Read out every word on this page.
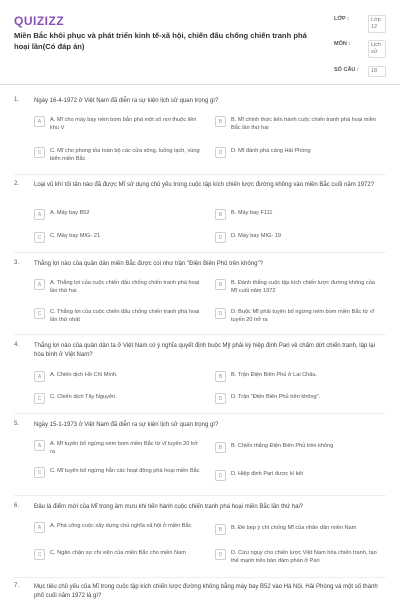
QUIZIZZ
Miền Bắc khôi phục và phát triển kinh tế-xã hội, chiến đấu chống chiến tranh phá hoại lần(Có đáp án)
LỚP :	Lớp 12
MÔN :	Lịch sử
SỐ CÂU :	18
1. Ngày 16-4-1972 ở Việt Nam đã diễn ra sự kiện lịch sử quan trọng gì?
A	A. Mĩ cho máy bay ném bom bắn phá một số nơi thuộc liên khu V
B	B. Mĩ chính thức tiến hành cuộc chiến tranh phá hoại miền Bắc lần thứ hai
C	C. Mĩ cho phong tỏa toàn bộ các cửa sông, luồng lạch, vùng biển miền Bắc
D	D. Mĩ đánh phá cảng Hải Phòng
2. Loại vũ khí tối tân nào đã được Mĩ sử dụng chủ yếu trong cuộc tập kích chiến lược đường không vào miền Bắc cuối năm 1972?
A	A. Máy bay B52	B	B. Máy bay F111
C	C. Máy bay MIG- 21	D	D. Máy bay MIG- 19
3. Thắng lợi nào của quân dân miền Bắc được coi như trận "Điện Biên Phủ trên không"?
A	A. Thắng lợi của cuộc chiến đấu chống chiến tranh phá hoại lần thứ hai
B	B. Đánh thắng cuộc tập kích chiến lược đường không của Mĩ cuối năm 1972
C	C. Thắng lợi của cuộc chiến đấu chống chiến tranh phá hoại lần thứ nhất
D	D. Buộc Mĩ phải tuyên bố ngừng ném bom miền Bắc từ vĩ tuyến 20 trở ra
4. Thắng lợi nào của quân dân ta ở Việt Nam có ý nghĩa quyết định buộc Mỹ phải ký hiệp định Pari về chấm dứt chiến tranh, lập lại hòa bình ở Việt Nam?
A	A. Chiến dịch Hồ Chí Minh.	B	B. Trận Điện Biên Phủ ở Lai Châu.
C	C. Chiến dịch Tây Nguyên.	D	D. Trận "Điện Biên Phủ trên không".
5. Ngày 15-1-1973 ở Việt Nam đã diễn ra sự kiện lịch sử quan trọng gì?
A	A. Mĩ tuyên bố ngừng ném bom miền Bắc từ vĩ tuyến 20 trở ra
B	B. Chiến thắng Điện Biên Phủ trên không
C	C. Mĩ tuyên bố ngừng hẳn các hoạt động phá hoại miền Bắc
D	D. Hiệp định Pari được kí kết
6. Đâu là điểm mới của Mĩ trong âm mưu khi tiến hành cuộc chiến tranh phá hoại miền Bắc lần thứ hai?
A	A. Phá công cuộc xây dựng chủ nghĩa xã hội ở miền Bắc
B	B. Đè bẹp ý chí chống Mĩ của nhân dân miền Nam
C	C. Ngăn chặn sự chi viện của miền Bắc cho miền Nam	D	D. Cứu nguy cho chiến lược Việt Nam hóa chiến tranh, tạo thế mạnh trên bàn đàm phán ở Pari
7. Mục tiêu chủ yếu của Mĩ trong cuộc tập kích chiến lược đường không bằng máy bay B52 vào Hà Nội, Hải Phòng và một số thành phố cuối năm 1972 là gì?
